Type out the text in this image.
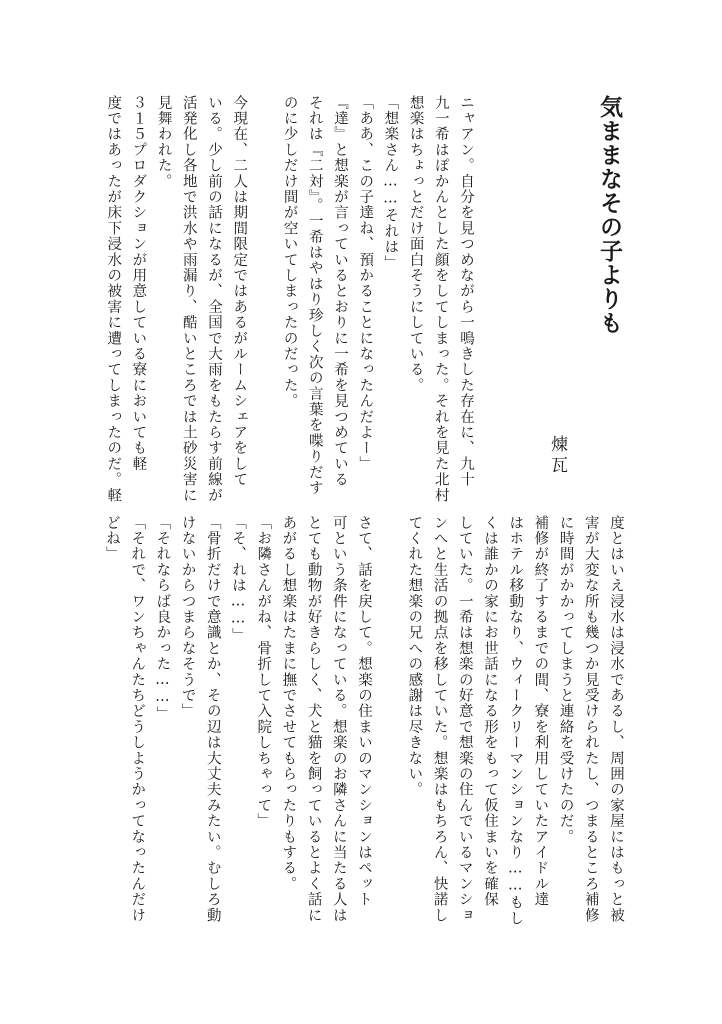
気ままなその子よりも
煉瓦

ニャアン。自分を見つめながら一鳴きした存在に、九十

九一希はぽかんとした顔をしてしまった。それを見た北村

想楽はちょっとだけ面白そうにしている。

「想楽さん……それは」

「ああ、この子達ね、預かることになったんだよー」

『達』と想楽が言っているとおりに一希を見つめている

それは『二対』。一希はやはり珍しく次の言葉を喋りだす

のに少しだけ間が空いてしまったのだった。

今現在、二人は期間限定ではあるがルームシェアをして

いる。少し前の話になるが、全国で大雨をもたらす前線が

活発化し各地で洪水や雨漏り、酷いところでは土砂災害に

見舞われた。

３１５プロダクションが用意している寮においても軽

度ではあったが床下浸水の被害に遭ってしまったのだ。軽

度とはいえ浸水は浸水であるし、周囲の家屋にはもっと被

害が大変な所も幾つか見受けられたし、つまるところ補修

に時間がかかってしまうと連絡を受けたのだ。

補修が終了するまでの間、寮を利用していたアイドル達

はホテル移動なり、ウィークリーマンションなり……もし

くは誰かの家にお世話になる形をもって仮住まいを確保

していた。一希は想楽の好意で想楽の住んでいるマンショ

ンへと生活の拠点を移していた。想楽はもちろん、快諾し

てくれた想楽の兄への感謝は尽きない。

さて、話を戻して。想楽の住まいのマンションはペット

可という条件になっている。想楽のお隣さんに当たる人は

とても動物が好きらしく、犬と猫を飼っているとよく話に

あがるし想楽はたまに撫でさせてもらったりもする。

「お隣さんがね、骨折して入院しちゃって」

「そ、れは……」

「骨折だけで意識とか、その辺は大丈夫みたい。むしろ動

けないからつまらなそうで」

「それならば良かった……」

「それで、ワンちゃんたちどうしようかってなったんだけ

どね」
